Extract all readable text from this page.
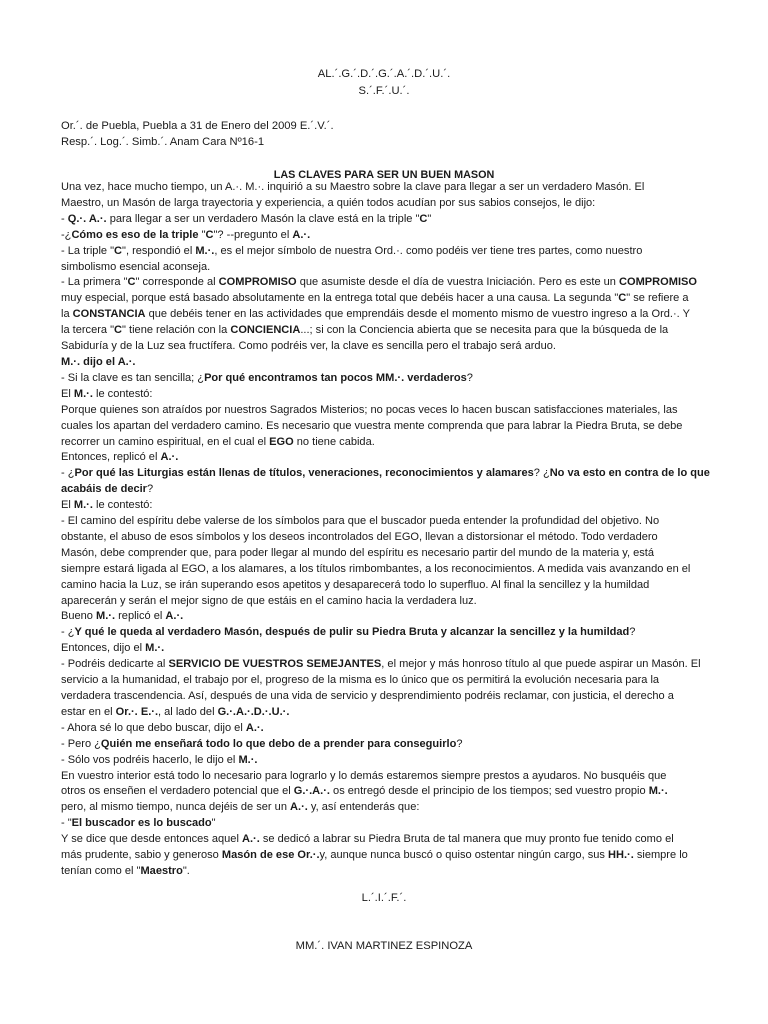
AL.´.G.´.D.´.G.´.A.´.D.´.U.´.
S.´.F.´.U.´.
Or.´. de Puebla, Puebla a 31 de Enero del 2009 E.´.V.´.
Resp.´. Log.´. Simb.´. Anam Cara Nº16-1
LAS CLAVES PARA SER UN BUEN MASON

Una vez, hace mucho tiempo, un A.·. M.·. inquirió a su Maestro sobre la clave para llegar a ser un verdadero Masón. El

Maestro, un Masón de larga trayectoria y experiencia, a quién todos acudían por sus sabios consejos, le dijo:

- Q.·. A.·. para llegar a ser un verdadero Masón la clave está en la triple "C"

-¿Cómo es eso de la triple "C"? --pregunto el A.·.

- La triple "C", respondió el M.·., es el mejor símbolo de nuestra Ord.·. como podéis ver tiene tres partes, como nuestro

simbolismo esencial aconseja.

- La primera "C" corresponde al COMPROMISO que asumiste desde el día de vuestra Iniciación. Pero es este un COMPROMISO

muy especial, porque está basado absolutamente en la entrega total que debéis hacer a una causa. La segunda "C" se refiere a

la CONSTANCIA que debéis tener en las actividades que emprendáis desde el momento mismo de vuestro ingreso a la Ord.·. Y

la tercera "C" tiene relación con la CONCIENCIA...; si con la Conciencia abierta que se necesita para que la búsqueda de la

Sabiduría y de la Luz sea fructífera. Como podréis ver, la clave es sencilla pero el trabajo será arduo.

M.·. dijo el A.·.

- Si la clave es tan sencilla; ¿Por qué encontramos tan pocos MM.·. verdaderos?

El M.·. le contestó:

Porque quienes son atraídos por nuestros Sagrados Misterios; no pocas veces lo hacen buscan satisfacciones materiales, las

cuales los apartan del verdadero camino. Es necesario que vuestra mente comprenda que para labrar la Piedra Bruta, se debe

recorrer un camino espiritual, en el cual el EGO no tiene cabida.

Entonces, replicó el A.·.

- ¿Por qué las Liturgias están llenas de títulos, veneraciones, reconocimientos y alamares? ¿No va esto en contra de lo que

acabáis de decir?

El M.·. le contestó:

- El camino del espíritu debe valerse de los símbolos para que el buscador pueda entender la profundidad del objetivo. No

obstante, el abuso de esos símbolos y los deseos incontrolados del EGO, llevan a distorsionar el método. Todo verdadero

Masón, debe comprender que, para poder llegar al mundo del espíritu es necesario partir del mundo de la materia y, está

siempre estará ligada al EGO, a los alamares, a los títulos rimbombantes, a los reconocimientos. A medida vais avanzando en el

camino hacia la Luz, se irán superando esos apetitos y desaparecerá todo lo superfluo. Al final la sencillez y la humildad

aparecerán y serán el mejor signo de que estáis en el camino hacia la verdadera luz.

Bueno M.·. replicó el A.·.

- ¿Y qué le queda al verdadero Masón, después de pulir su Piedra Bruta y alcanzar la sencillez y la humildad?

Entonces, dijo el M.·.

- Podréis dedicarte al SERVICIO DE VUESTROS SEMEJANTES, el mejor y más honroso título al que puede aspirar un Masón. El

servicio a la humanidad, el trabajo por el, progreso de la misma es lo único que os permitirá la evolución necesaria para la

verdadera trascendencia. Así, después de una vida de servicio y desprendimiento podréis reclamar, con justicia, el derecho a

estar en el Or.·. E.·., al lado del G.·.A.·.D.·.U.·.

- Ahora sé lo que debo buscar, dijo el A.·.

- Pero ¿Quién me enseñará todo lo que debo de a prender para conseguirlo?

- Sólo vos podréis hacerlo, le dijo el M.·.

En vuestro interior está todo lo necesario para lograrlo y lo demás estaremos siempre prestos a ayudaros. No busquéis que

otros os enseñen el verdadero potencial que el G.·.A.·. os entregó desde el principio de los tiempos; sed vuestro propio M.·.

pero, al mismo tiempo, nunca dejéis de ser un A.·. y, así entenderás que:

- "El buscador es lo buscado"

Y se dice que desde entonces aquel A.·. se dedicó a labrar su Piedra Bruta de tal manera que muy pronto fue tenido como el

más prudente, sabio y generoso Masón de ese Or.·.y, aunque nunca buscó o quiso ostentar ningún cargo, sus HH.·. siempre lo

tenían como el "Maestro".

L.´.I.´.F.´.
MM.´. IVAN MARTINEZ ESPINOZA
